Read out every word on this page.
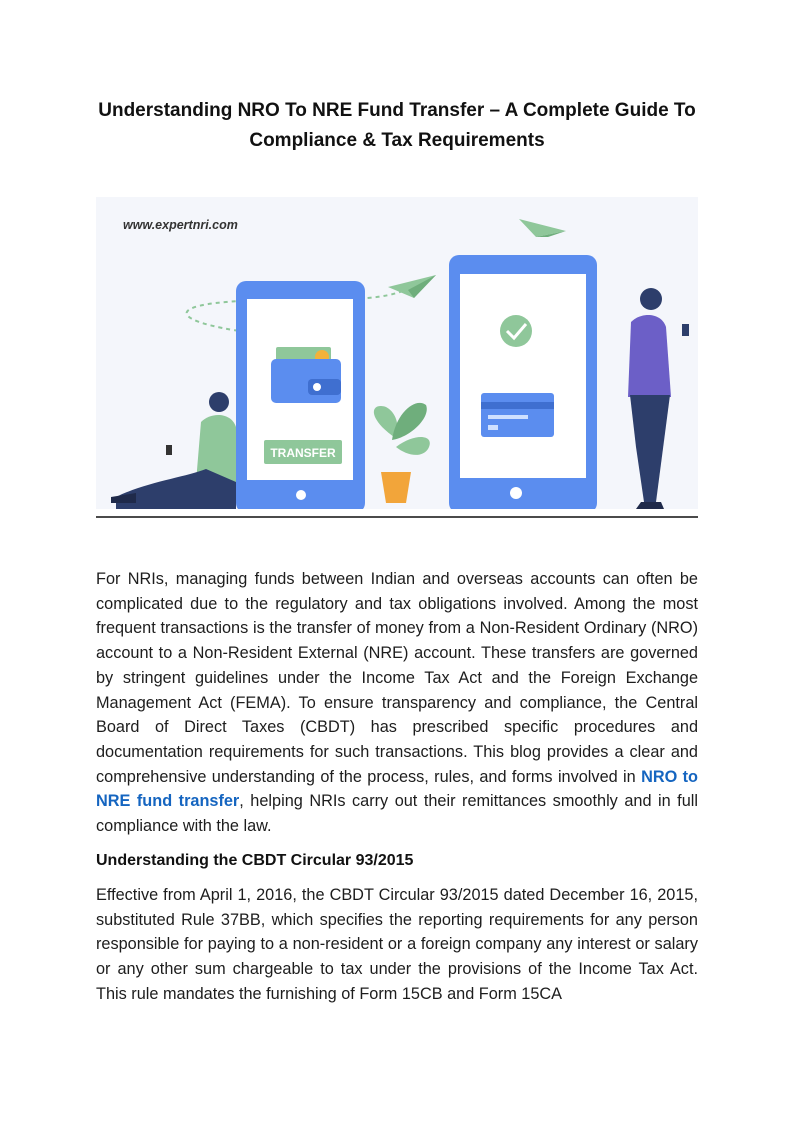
Understanding NRO To NRE Fund Transfer – A Complete Guide To Compliance & Tax Requirements
www.expertnri.com
TRANSFER

For NRIs, managing funds between Indian and overseas accounts can often be complicated due to the regulatory and tax obligations involved. Among the most frequent transactions is the transfer of money from a Non-Resident Ordinary (NRO) account to a Non-Resident External (NRE) account. These transfers are governed by stringent guidelines under the Income Tax Act and the Foreign Exchange Management Act (FEMA). To ensure transparency and compliance, the Central Board of Direct Taxes (CBDT) has prescribed specific procedures and documentation requirements for such transactions. This blog provides a clear and comprehensive understanding of the process, rules, and forms involved in NRO to NRE fund transfer, helping NRIs carry out their remittances smoothly and in full compliance with the law.

Understanding the CBDT Circular 93/2015

Effective from April 1, 2016, the CBDT Circular 93/2015 dated December 16, 2015, substituted Rule 37BB, which specifies the reporting requirements for any person responsible for paying to a non-resident or a foreign company any interest or salary or any other sum chargeable to tax under the provisions of the Income Tax Act. This rule mandates the furnishing of Form 15CB and Form 15CA
